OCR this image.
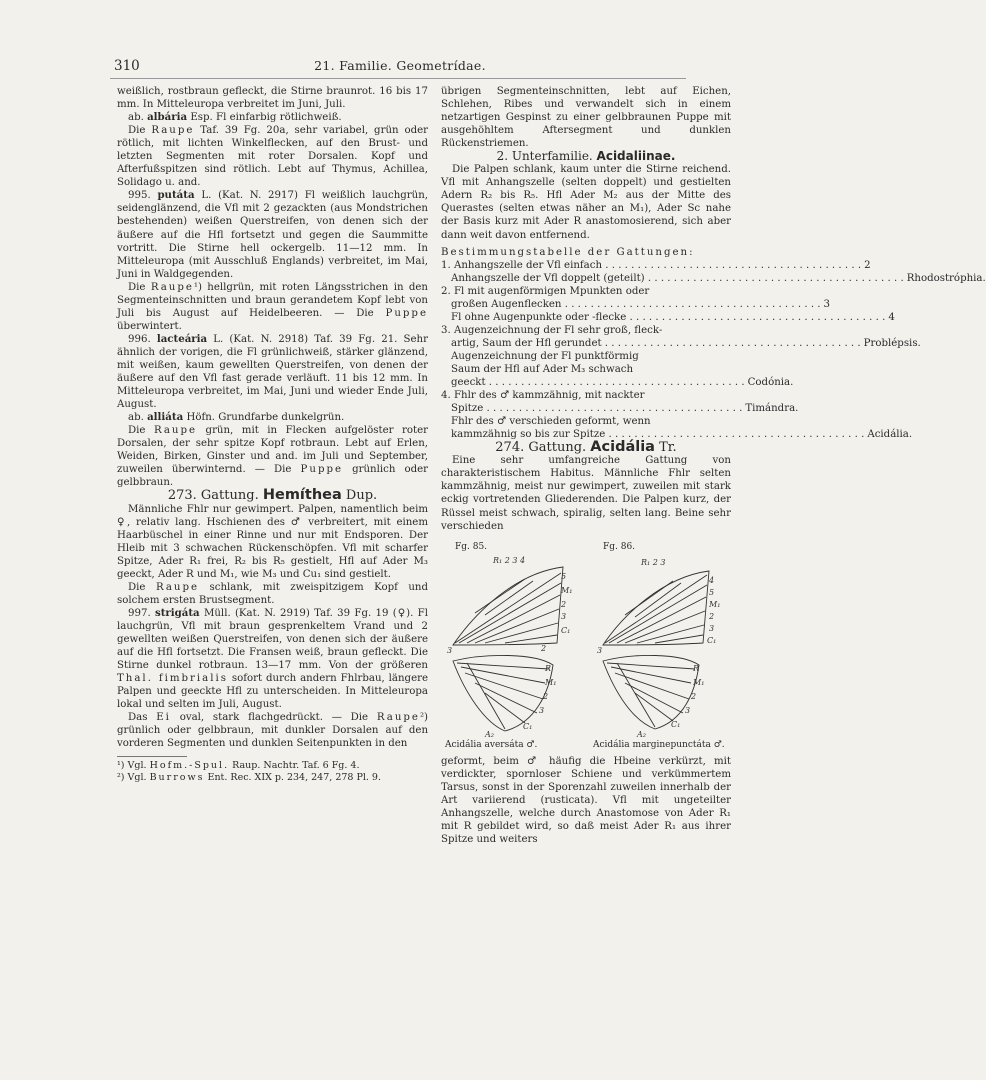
310	21. Familie. Geometrídae.

weißlich, rostbraun gefleckt, die Stirne braunrot. 16 bis 17 mm. In Mitteleuropa verbreitet im Juni, Juli.

ab. albária Esp. Fl einfarbig rötlichweiß.

Die Raupe Taf. 39 Fg. 20a, sehr variabel, grün oder rötlich, mit lichten Winkelflecken, auf den Brust- und letzten Segmenten mit roter Dorsalen. Kopf und Afterfußspitzen sind rötlich. Lebt auf Thymus, Achillea, Solidago u. and.

995. putáta L. (Kat. N. 2917) Fl weißlich lauchgrün, seidenglänzend, die Vfl mit 2 gezackten (aus Mondstrichen bestehenden) weißen Querstreifen, von denen sich der äußere auf die Hfl fortsetzt und gegen die Saummitte vortritt. Die Stirne hell ockergelb. 11—12 mm. In Mitteleuropa (mit Ausschluß Englands) verbreitet, im Mai, Juni in Waldgegenden.

Die Raupe¹) hellgrün, mit roten Längsstrichen in den Segmenteinschnitten und braun gerandetem Kopf lebt von Juli bis August auf Heidelbeeren. — Die Puppe überwintert.

996. lacteária L. (Kat. N. 2918) Taf. 39 Fg. 21. Sehr ähnlich der vorigen, die Fl grünlichweiß, stärker glänzend, mit weißen, kaum gewellten Querstreifen, von denen der äußere auf den Vfl fast gerade verläuft. 11 bis 12 mm. In Mitteleuropa verbreitet, im Mai, Juni und wieder Ende Juli, August.

ab. alliáta Höfn. Grundfarbe dunkelgrün.

Die Raupe grün, mit in Flecken aufgelöster roter Dorsalen, der sehr spitze Kopf rotbraun. Lebt auf Erlen, Weiden, Birken, Ginster und and. im Juli und September, zuweilen überwinternd. — Die Puppe grünlich oder gelbbraun.

273. Gattung. Hemíthea Dup.

Männliche Fhlr nur gewimpert. Palpen, namentlich beim ♀, relativ lang. Hschienen des ♂ verbreitert, mit einem Haarbüschel in einer Rinne und nur mit Endsporen. Der Hleib mit 3 schwachen Rückenschöpfen. Vfl mit scharfer Spitze, Ader R₁ frei, R₂ bis R₅ gestielt, Hfl auf Ader M₃ geeckt, Ader R und M₁, wie M₃ und Cu₁ sind gestielt.

Die Raupe schlank, mit zweispitzigem Kopf und solchem ersten Brustsegment.

997. strigáta Müll. (Kat. N. 2919) Taf. 39 Fg. 19 (♀). Fl lauchgrün, Vfl mit braun gesprenkeltem Vrand und 2 gewellten weißen Querstreifen, von denen sich der äußere auf die Hfl fortsetzt. Die Fransen weiß, braun gefleckt. Die Stirne dunkel rotbraun. 13—17 mm. Von der größeren Thal. fimbrialis sofort durch andern Fhlrbau, längere Palpen und geeckte Hfl zu unterscheiden. In Mitteleuropa lokal und selten im Juli, August.

Das Ei oval, stark flachgedrückt. — Die Raupe²) grünlich oder gelbbraun, mit dunkler Dorsalen auf den vorderen Segmenten und dunklen Seitenpunkten in den

¹) Vgl. Hofm.-Spul. Raup. Nachtr. Taf. 6 Fg. 4.

²) Vgl. Burrows Ent. Rec. XIX p. 234, 247, 278 Pl. 9.

übrigen Segmenteinschnitten, lebt auf Eichen, Schlehen, Ribes und verwandelt sich in einem netzartigen Gespinst zu einer gelbbraunen Puppe mit ausgehöhltem Aftersegment und dunklen Rückenstriemen.

2. Unterfamilie. Acidaliinae.

Die Palpen schlank, kaum unter die Stirne reichend. Vfl mit Anhangszelle (selten doppelt) und gestielten Adern R₂ bis R₅. Hfl Ader M₂ aus der Mitte des Querastes (selten etwas näher an M₁), Ader Sc nahe der Basis kurz mit Ader R anastomosierend, sich aber dann weit davon entfernend.

Bestimmungstabelle der Gattungen:

1. Anhangszelle der Vfl einfach . . . . . . . . . . . . . . . . . . . . . . . . . . . . . . . . . . . . . . . . 2
Anhangszelle der Vfl doppelt (geteilt) . . . . . . . . . . . . . . . . . . . . . . . . . . . . . . . . . . . . . . . . Rhodostróphia.
2. Fl mit augenförmigen Mpunkten oder
großen Augenflecken . . . . . . . . . . . . . . . . . . . . . . . . . . . . . . . . . . . . . . . . 3
Fl ohne Augenpunkte oder -flecke . . . . . . . . . . . . . . . . . . . . . . . . . . . . . . . . . . . . . . . . 4
3. Augenzeichnung der Fl sehr groß, fleck-
artig, Saum der Hfl gerundet . . . . . . . . . . . . . . . . . . . . . . . . . . . . . . . . . . . . . . . . Problépsis.
Augenzeichnung der Fl punktförmig
Saum der Hfl auf Ader M₃ schwach
geeckt . . . . . . . . . . . . . . . . . . . . . . . . . . . . . . . . . . . . . . . . Codónia.
4. Fhlr des ♂ kammzähnig, mit nackter
Spitze . . . . . . . . . . . . . . . . . . . . . . . . . . . . . . . . . . . . . . . . Timándra.
Fhlr des ♂ verschieden geformt, wenn
kammzähnig so bis zur Spitze . . . . . . . . . . . . . . . . . . . . . . . . . . . . . . . . . . . . . . . . Acidália.

274. Gattung. Acidália Tr.

Eine sehr umfangreiche Gattung von charakteristischem Habitus. Männliche Fhlr selten kammzähnig, meist nur gewimpert, zuweilen mit stark eckig vortretenden Gliederenden. Die Palpen kurz, der Rüssel meist schwach, spiralig, selten lang. Beine sehr verschieden

Fg. 85.
R₁ 2 3 4
5
M₁
2
3
C₁
2
3
R
M₁
2
3
C₁
A₂
Acidália aversáta ♂.
Fg. 86.
R₁ 2 3
4
5
M₁
2
3
C₁
3
R
M₁
2
3
C₁
A₂
Acidália marginepunctáta ♂.

geformt, beim ♂ häufig die Hbeine verkürzt, mit verdickter, spornloser Schiene und verkümmertem Tarsus, sonst in der Sporenzahl zuweilen innerhalb der Art variierend (rusticata). Vfl mit ungeteilter Anhangszelle, welche durch Anastomose von Ader R₁ mit R gebildet wird, so daß meist Ader R₁ aus ihrer Spitze und weiters
